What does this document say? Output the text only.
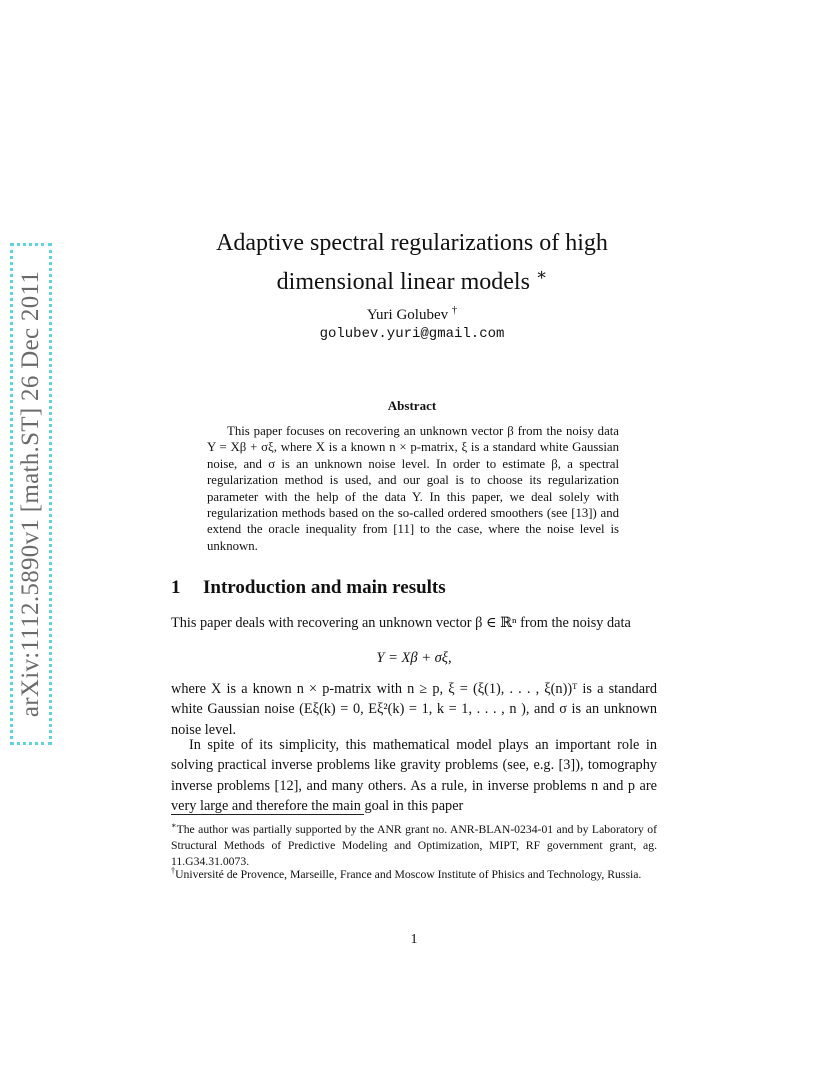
arXiv:1112.5890v1 [math.ST] 26 Dec 2011
Adaptive spectral regularizations of high
dimensional linear models ∗
Yuri Golubev †
golubev.yuri@gmail.com
Abstract
This paper focuses on recovering an unknown vector β from the noisy data Y = Xβ + σξ, where X is a known n × p-matrix, ξ is a standard white Gaussian noise, and σ is an unknown noise level. In order to estimate β, a spectral regularization method is used, and our goal is to choose its regularization parameter with the help of the data Y. In this paper, we deal solely with regularization methods based on the so-called ordered smoothers (see [13]) and extend the oracle inequality from [11] to the case, where the noise level is unknown.
1 Introduction and main results
This paper deals with recovering an unknown vector β ∈ ℝⁿ from the noisy data
Y = Xβ + σξ,
where X is a known n × p-matrix with n ≥ p, ξ = (ξ(1), . . . , ξ(n))ᵀ is a standard white Gaussian noise (Eξ(k) = 0, Eξ²(k) = 1, k = 1, . . . , n ), and σ is an unknown noise level.
In spite of its simplicity, this mathematical model plays an important role in solving practical inverse problems like gravity problems (see, e.g. [3]), tomography inverse problems [12], and many others. As a rule, in inverse problems n and p are very large and therefore the main goal in this paper
∗The author was partially supported by the ANR grant no. ANR-BLAN-0234-01 and by Laboratory of Structural Methods of Predictive Modeling and Optimization, MIPT, RF government grant, ag. 11.G34.31.0073.
†Université de Provence, Marseille, France and Moscow Institute of Phisics and Technology, Russia.
1
